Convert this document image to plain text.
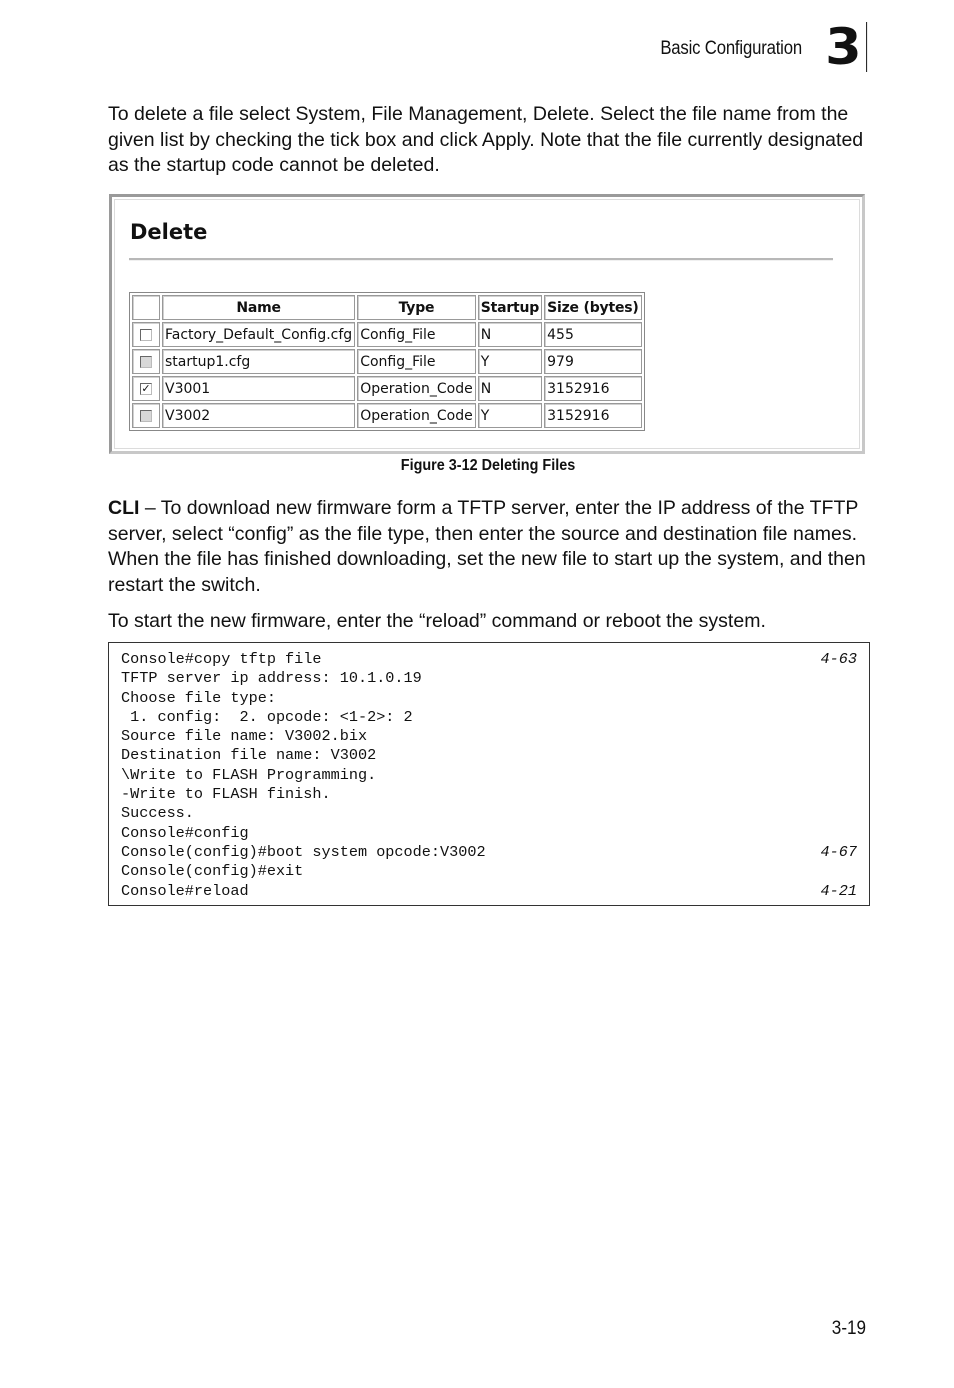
Basic Configuration 3

To delete a file select System, File Management, Delete. Select the file name from the given list by checking the tick box and click Apply. Note that the file currently designated as the startup code cannot be deleted.

Delete
	Name	Type	Startup	Size (bytes)
	Factory_Default_Config.cfg	Config_File	N	455
	startup1.cfg	Config_File	Y	979
✓	V3001	Operation_Code	N	3152916
	V3002	Operation_Code	Y	3152916
Figure 3-12 Deleting Files

CLI – To download new firmware form a TFTP server, enter the IP address of the TFTP server, select “config” as the file type, then enter the source and destination file names. When the file has finished downloading, set the new file to start up the system, and then restart the switch.

To start the new firmware, enter the “reload” command or reboot the system.

Console#copy tftp file	4-63
TFTP server ip address: 10.1.0.19
Choose file type:
1. config:  2. opcode: <1-2>: 2
Source file name: V3002.bix
Destination file name: V3002
\Write to FLASH Programming.
-Write to FLASH finish.
Success.
Console#config
Console(config)#boot system opcode:V3002	4-67
Console(config)#exit
Console#reload	4-21
3-19
